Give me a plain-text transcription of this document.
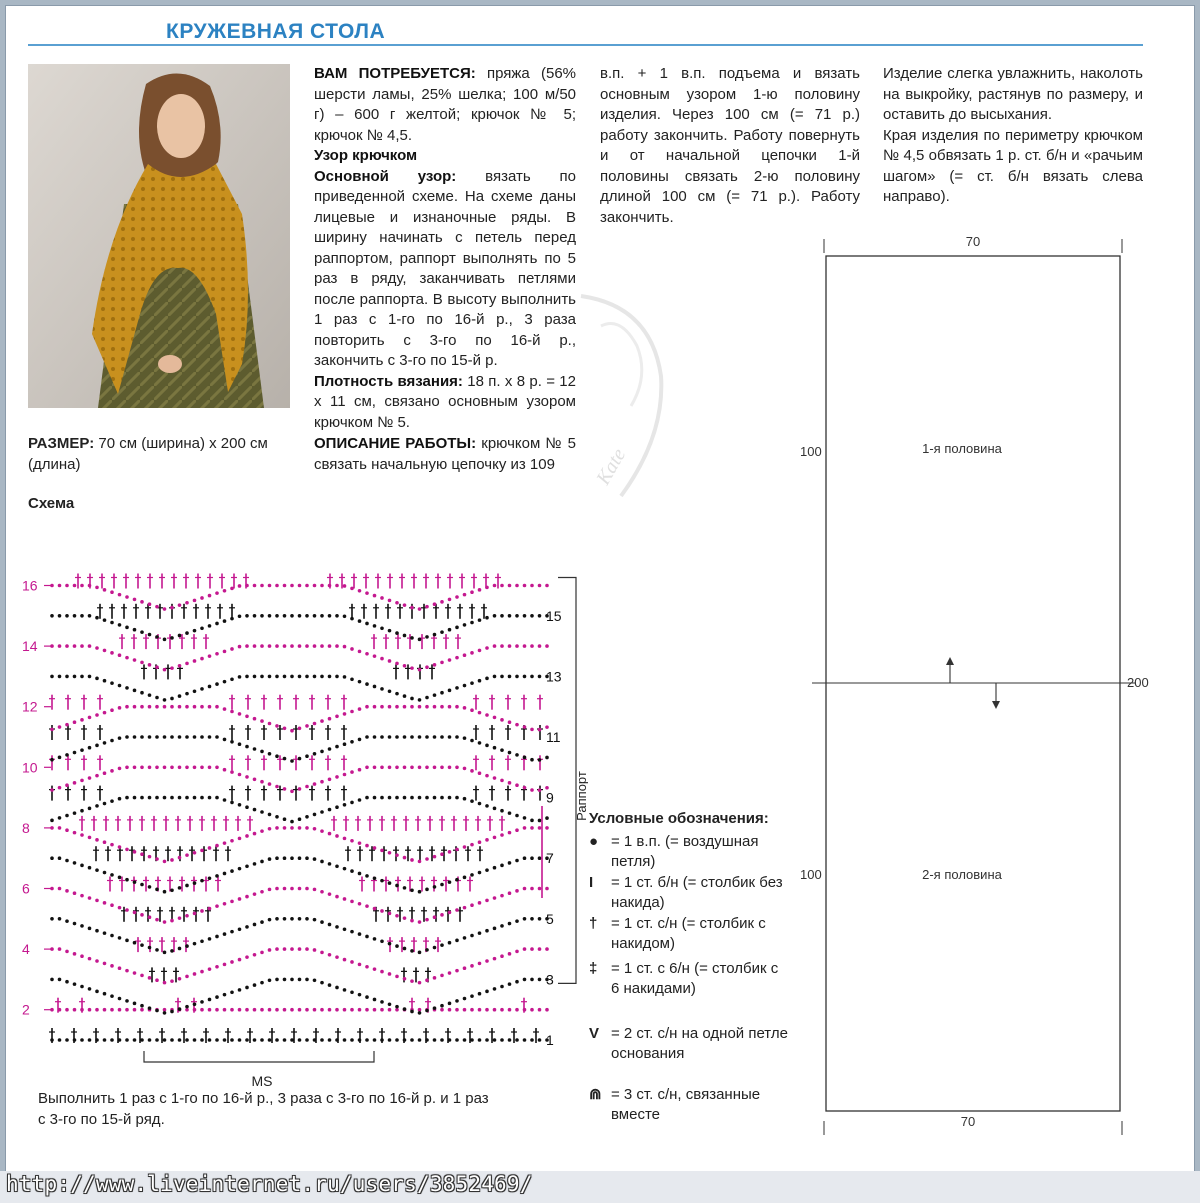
КРУЖЕВНАЯ СТОЛА

ВАМ ПОТРЕБУЕТСЯ: пряжа (56% шерсти ламы, 25% шелка; 100 м/50 г) – 600 г желтой; крючок № 5; крючок № 4,5.

Узор крючком

Основной узор: вязать по приведенной схеме. На схеме даны лицевые и изнаночные ряды. В ширину начинать с петель перед раппортом, раппорт выполнять по 5 раз в ряду, заканчивать петлями после раппорта. В высоту выполнить 1 раз с 1-го по 16-й р., 3 раза повторить с 3-го по 16-й р., закончить с 3-го по 15-й р.

Плотность вязания: 18 п. х 8 р. = 12 х 11 см, связано основным узором крючком № 5.

ОПИСАНИЕ РАБОТЫ: крючком № 5 связать начальную цепочку из 109

в.п. + 1 в.п. подъема и вязать основным узором 1-ю половину изделия. Через 100 см (= 71 р.) работу закончить. Работу повернуть и от начальной цепочки 1-й половины связать 2-ю половину длиной 100 см (= 71 р.). Работу закончить.

Изделие слегка увлажнить, наколоть на выкройку, растянув по размеру, и оставить до высыхания.

Края изделия по периметру крючком № 4,5 обвязать 1 р. ст. б/н и «рачьим шагом» (= ст. б/н вязать слева направо).

РАЗМЕР: 70 см (ширина) х 200 см (длина)	Kate
Схема
16
14
12
10
8
6
4
2
15
13
11
9
7
5
3
1
Раппорт
MS
Выполнить 1 раз с 1-го по 16-й р., 3 раза с 3-го по 16-й р. и 1 раз с 3-го по 15-й ряд.
Условные обозначения:
● = 1 в.п. (= воздушная петля)
I	= 1 ст. б/н (= столбик без накида)
† = 1 ст. с/н (= столбик с накидом)
‡ = 1 ст. с 6/н (= столбик с 6 накидами)
V = 2 ст. с/н на одной петле основания
⋒ = 3 ст. с/н, связанные вместе
70
70
100
100
200
1-я половина
2-я половина
http://www.liveinternet.ru/users/3852469/
